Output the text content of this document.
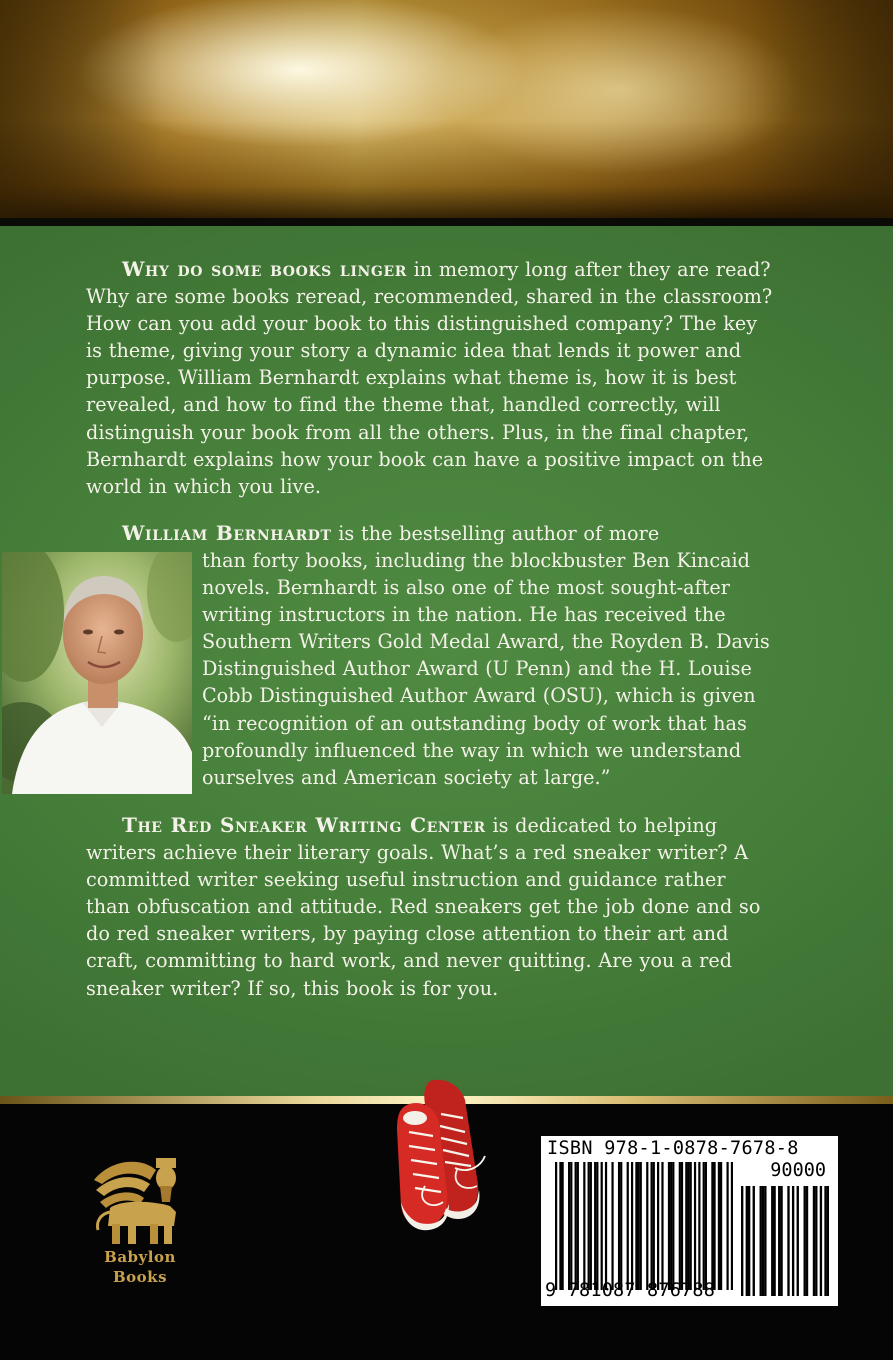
Why do some books linger in memory long after they are read? Why are some books reread, recommended, shared in the classroom? How can you add your book to this distinguished company? The key is theme, giving your story a dynamic idea that lends it power and purpose. William Bernhardt explains what theme is, how it is best revealed, and how to find the theme that, handled correctly, will distinguish your book from all the others. Plus, in the final chapter, Bernhardt explains how your book can have a positive impact on the world in which you live.
William Bernhardt is the bestselling author of more
than forty books, including the blockbuster Ben Kincaid novels. Bernhardt is also one of the most sought-after writing instructors in the nation. He has received the Southern Writers Gold Medal Award, the Royden B. Davis Distinguished Author Award (U Penn) and the H. Louise Cobb Distinguished Author Award (OSU), which is given “in recognition of an outstanding body of work that has profoundly influenced the way in which we understand ourselves and American society at large.”
The Red Sneaker Writing Center is dedicated to helping writers achieve their literary goals. What’s a red sneaker writer? A committed writer seeking useful instruction and guidance rather than obfuscation and attitude. Red sneakers get the job done and so do red sneaker writers, by paying close attention to their art and craft, committing to hard work, and never quitting. Are you a red sneaker writer? If so, this book is for you.
Babylon
Books
ISBN 978-1-0878-7678-8
90000
9 781087 876788
